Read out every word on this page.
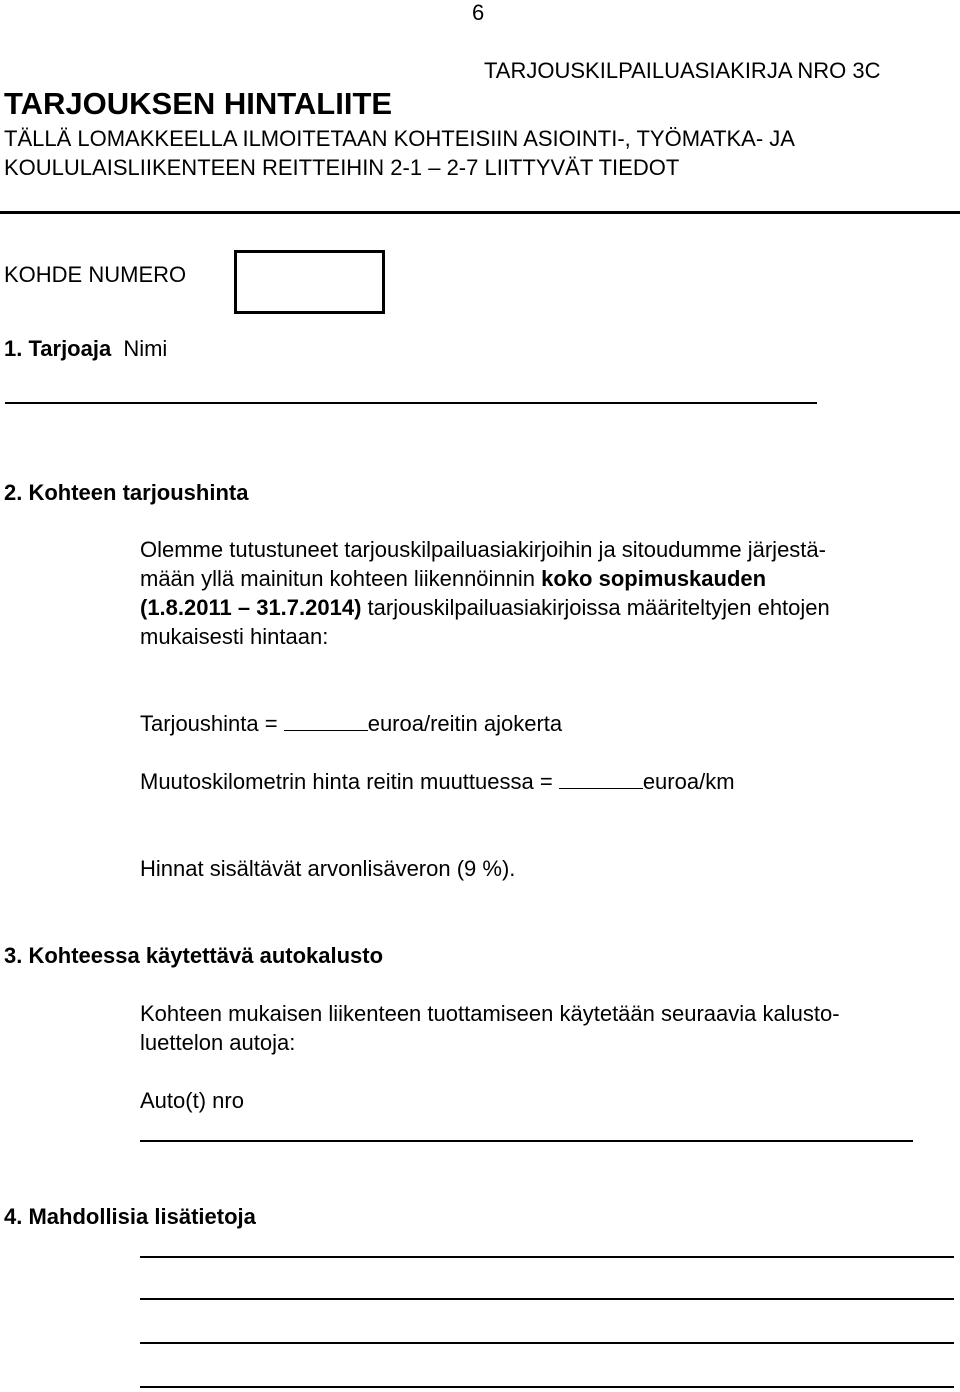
6
TARJOUSKILPAILUASIAKIRJA NRO 3C
TARJOUKSEN HINTALIITE
TÄLLÄ LOMAKKEELLA ILMOITETAAN KOHTEISIIN ASIOINTI-, TYÖMATKA- JA
KOULULAISLIIKENTEEN REITTEIHIN 2-1 – 2-7 LIITTYVÄT TIEDOT
KOHDE NUMERO
1. Tarjoaja Nimi
2. Kohteen tarjoushinta
Olemme tutustuneet tarjouskilpailuasiakirjoihin ja sitoudumme järjestä-
mään yllä mainitun kohteen liikennöinnin koko sopimuskauden
(1.8.2011 – 31.7.2014) tarjouskilpailuasiakirjoissa määriteltyjen ehtojen
mukaisesti hintaan:
Tarjoushinta =	euroa/reitin ajokerta
Muutoskilometrin hinta reitin muuttuessa =	euroa/km
Hinnat sisältävät arvonlisäveron (9 %).
3. Kohteessa käytettävä autokalusto
Kohteen mukaisen liikenteen tuottamiseen käytetään seuraavia kalusto-
luettelon autoja:
Auto(t) nro
4. Mahdollisia lisätietoja
